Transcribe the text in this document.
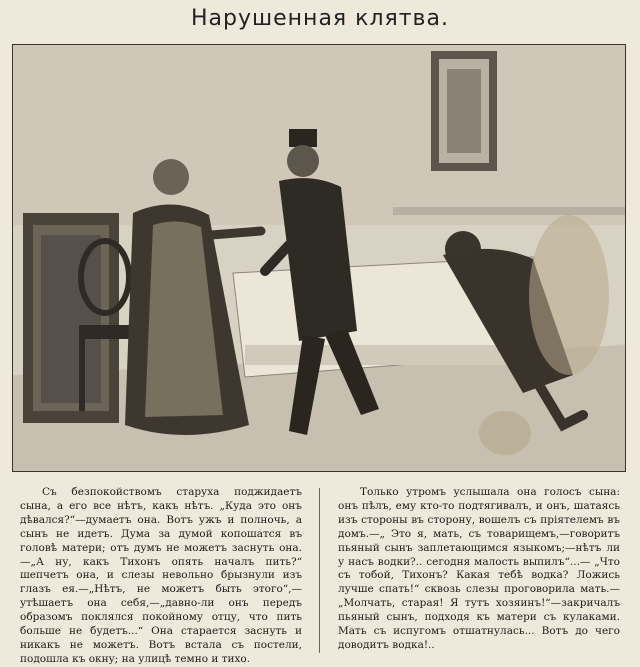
Нарушенная клятва.

Съ безпокойствомъ старуха поджидаетъ сына, а его все нѣтъ, какъ нѣтъ. „Куда это онъ дѣвался?“—думаетъ она. Вотъ ужъ и полночь, а сынъ не идетъ. Дума за думой копошатся въ головѣ матери; отъ думъ не можетъ заснуть она.—„А ну, какъ Тихонъ опять началъ пить?“ шепчетъ она, и слезы невольно брызнули изъ глазъ ея.—„Нѣтъ, не можетъ быть этого“,—утѣшаетъ она себя,—„давно-ли онъ передъ образомъ поклялся покойному отцу, что пить больше не будетъ...“ Она старается заснуть и никакъ не можетъ. Вотъ встала съ постели, подошла къ окну; на улицѣ темно и тихо.

Только утромъ услышала она голосъ сына: онъ пѣлъ, ему кто-то подтягивалъ, и онъ, шатаясь изъ стороны въ сторону, вошелъ съ прiятелемъ въ домъ.—„ Это я, мать, съ товарищемъ,—говоритъ пьяный сынъ заплетающимся языкомъ;—нѣтъ ли у насъ водки?.. сегодня малость выпилъ“...— „Что съ тобой, Тихонъ? Какая тебѣ водка? Ложись лучше спать!“ сквозь слезы проговорила мать.—„Молчать, старая! Я тутъ хозяинъ!“—закричалъ пьяный сынъ, подходя къ матери съ кулаками. Мать съ испугомъ отшатнулась... Вотъ до чего доводитъ водка!..
